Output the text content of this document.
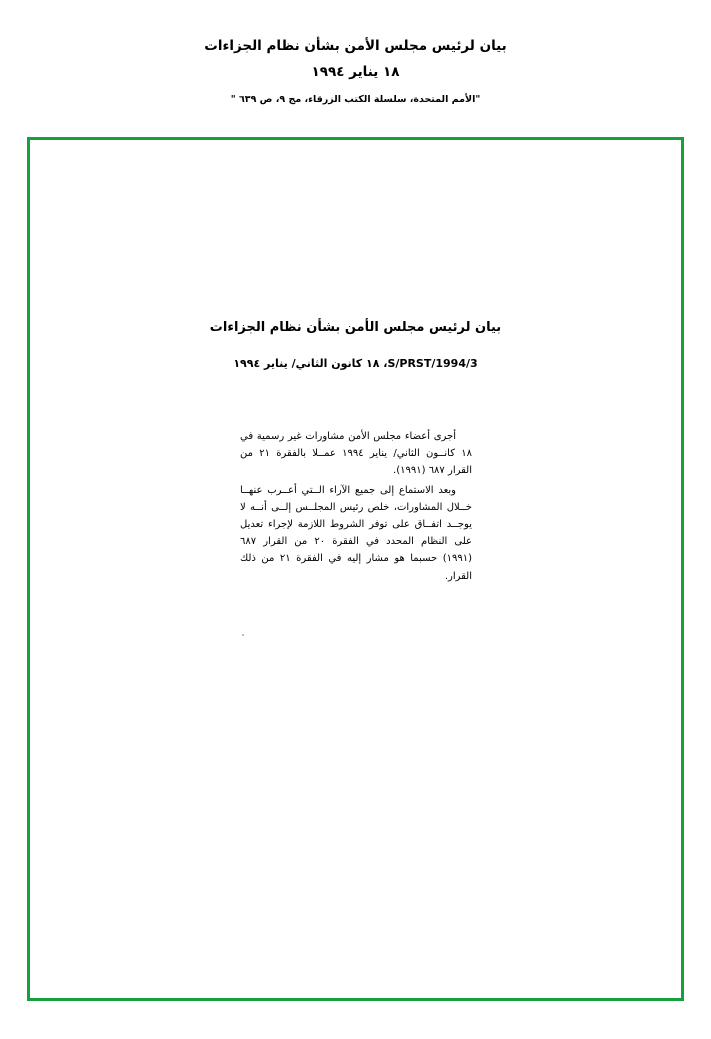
بيان لرئيس مجلس الأمن بشأن نظام الجزاءات
١٨ يناير ١٩٩٤
"الأمم المتحدة، سلسلة الكتب الزرقاء، مج ٩، ص ٦٣٩ "
بيان لرئيس مجلس الأمن بشأن نظام الجزاءات
S/PRST/1994/3، ١٨ كانون الثاني/ يناير ١٩٩٤

أجرى أعضاء مجلس الأمن مشاورات غير رسمية في ١٨ كانــون الثاني/ يناير ١٩٩٤ عمــلا بالفقرة ٢١ من القرار ٦٨٧ (١٩٩١).

وبعد الاستماع إلى جميع الآراء الــتي أعــرب عنهــا خــلال المشاورات، خلص رئيس المجلــس إلــى أنــه لا يوجــد اتفــاق على توفر الشروط اللازمة لإجراء تعديل على النظام المحدد في الفقرة ٢٠ من القرار ٦٨٧ (١٩٩١) حسبما هو مشار إليه في الفقرة ٢١ من ذلك القرار.
